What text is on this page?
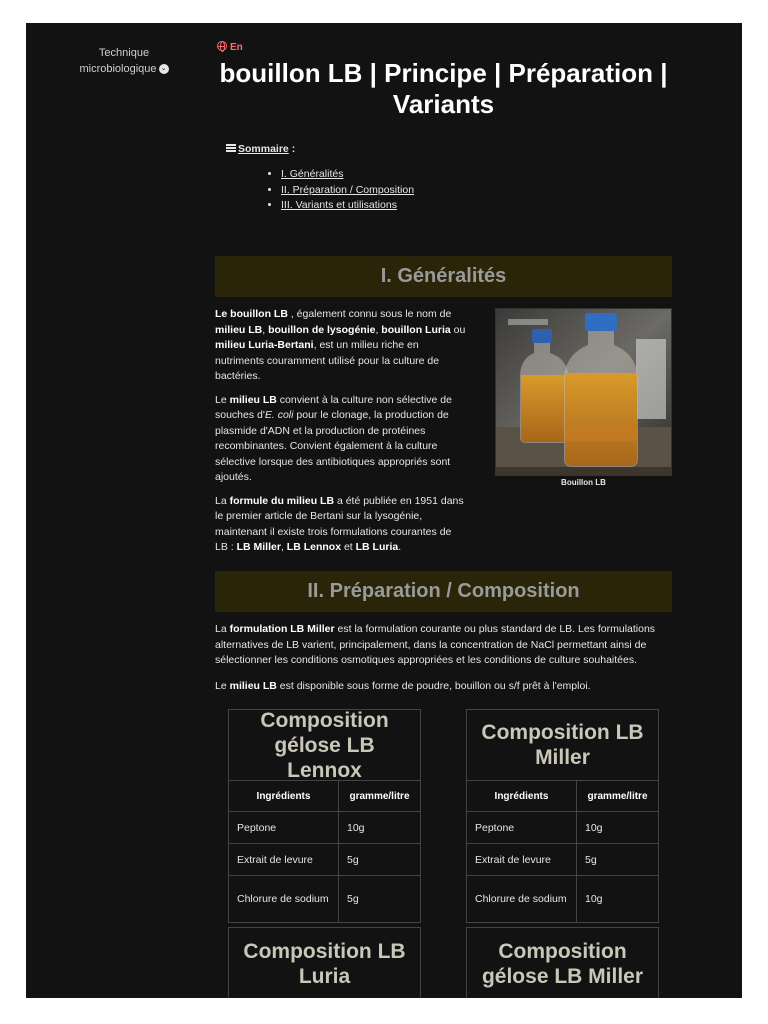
Technique
microbiologique ⌄
En
bouillon LB | Principe | Préparation | Variants
Sommaire :
• I. Généralités
• II. Préparation / Composition
• III. Variants et utilisations
I. Généralités

Le bouillon LB , également connu sous le nom de milieu LB, bouillon de lysogénie, bouillon Luria ou milieu Luria-Bertani, est un milieu riche en nutriments couramment utilisé pour la culture de bactéries.

Le milieu LB convient à la culture non sélective de souches d'E. coli pour le clonage, la production de plasmide d'ADN et la production de protéines recombinantes. Convient également à la culture sélective lorsque des antibiotiques appropriés sont ajoutés.

La formule du milieu LB a été publiée en 1951 dans le premier article de Bertani sur la lysogénie, maintenant il existe trois formulations courantes de LB : LB Miller, LB Lennox et LB Luria.

Bouillon LB
II. Préparation / Composition

La formulation LB Miller est la formulation courante ou plus standard de LB. Les formulations alternatives de LB varient, principalement, dans la concentration de NaCl permettant ainsi de sélectionner les conditions osmotiques appropriées et les conditions de culture souhaitées.

Le milieu LB est disponible sous forme de poudre, bouillon ou s/f prêt à l'emploi.

Composition gélose LB Lennox
Ingrédients	gramme/litre
Peptone	10g
Extrait de levure	5g
Chlorure de sodium	5g
Composition LB Miller
Ingrédients	gramme/litre
Peptone	10g
Extrait de levure	5g
Chlorure de sodium	10g
Composition LB Luria
Composition gélose LB Miller
